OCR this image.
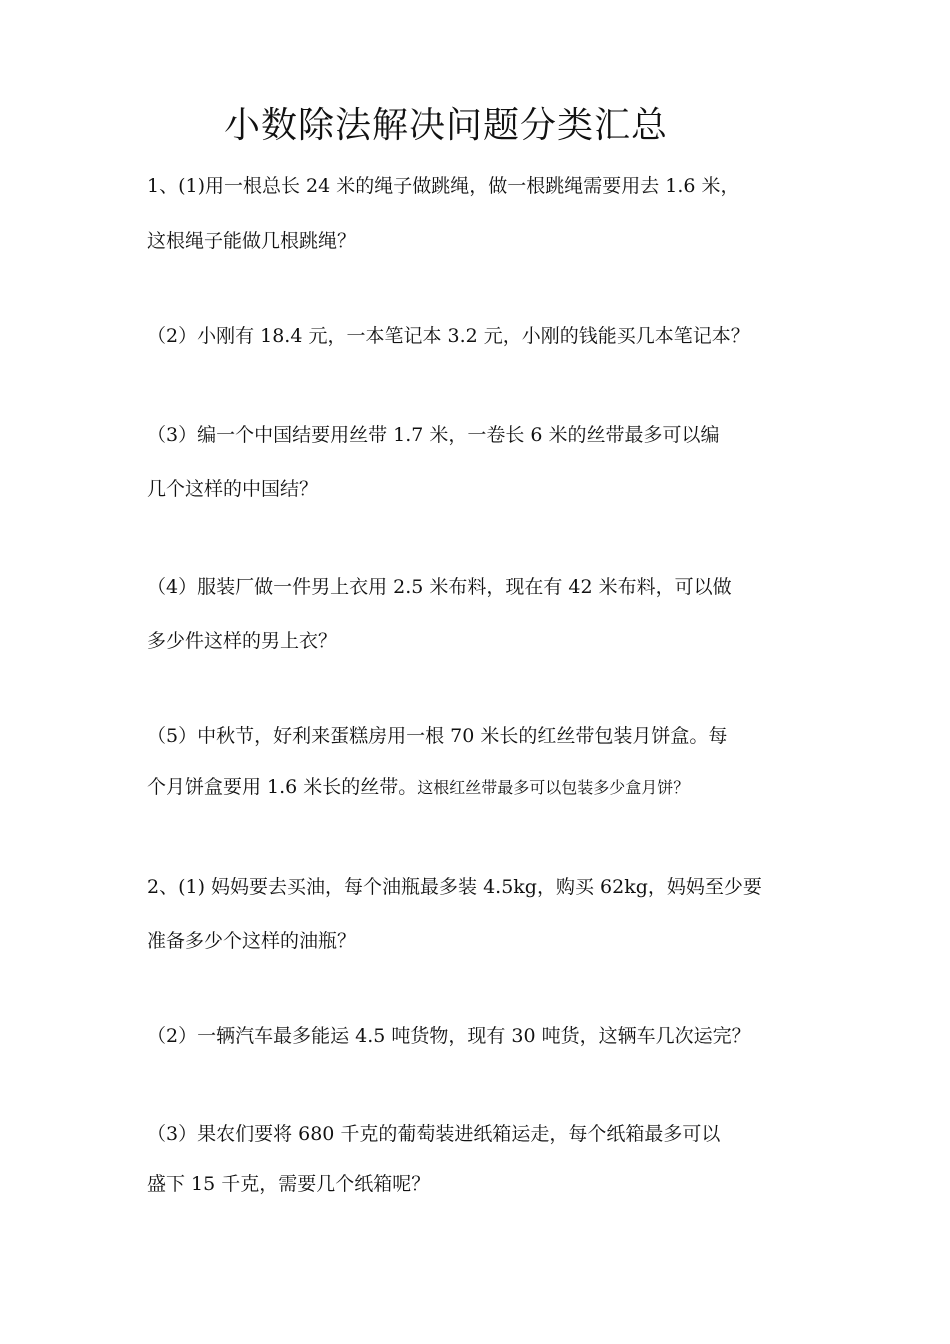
小数除法解决问题分类汇总
1、(1)用一根总长 24 米的绳子做跳绳，做一根跳绳需要用去 1.6 米，
这根绳子能做几根跳绳？
（2）小刚有 18.4 元，一本笔记本 3.2 元，小刚的钱能买几本笔记本？
（3）编一个中国结要用丝带 1.7 米，一卷长 6 米的丝带最多可以编
几个这样的中国结？
（4）服装厂做一件男上衣用 2.5 米布料，现在有 42 米布料，可以做
多少件这样的男上衣？
（5）中秋节，好利来蛋糕房用一根 70 米长的红丝带包装月饼盒。每
个月饼盒要用 1.6 米长的丝带。这根红丝带最多可以包装多少盒月饼？
2、(1) 妈妈要去买油，每个油瓶最多装 4.5kg，购买 62kg，妈妈至少要
准备多少个这样的油瓶？
（2）一辆汽车最多能运 4.5 吨货物，现有 30 吨货，这辆车几次运完？
（3）果农们要将 680 千克的葡萄装进纸箱运走，每个纸箱最多可以
盛下 15 千克，需要几个纸箱呢？
